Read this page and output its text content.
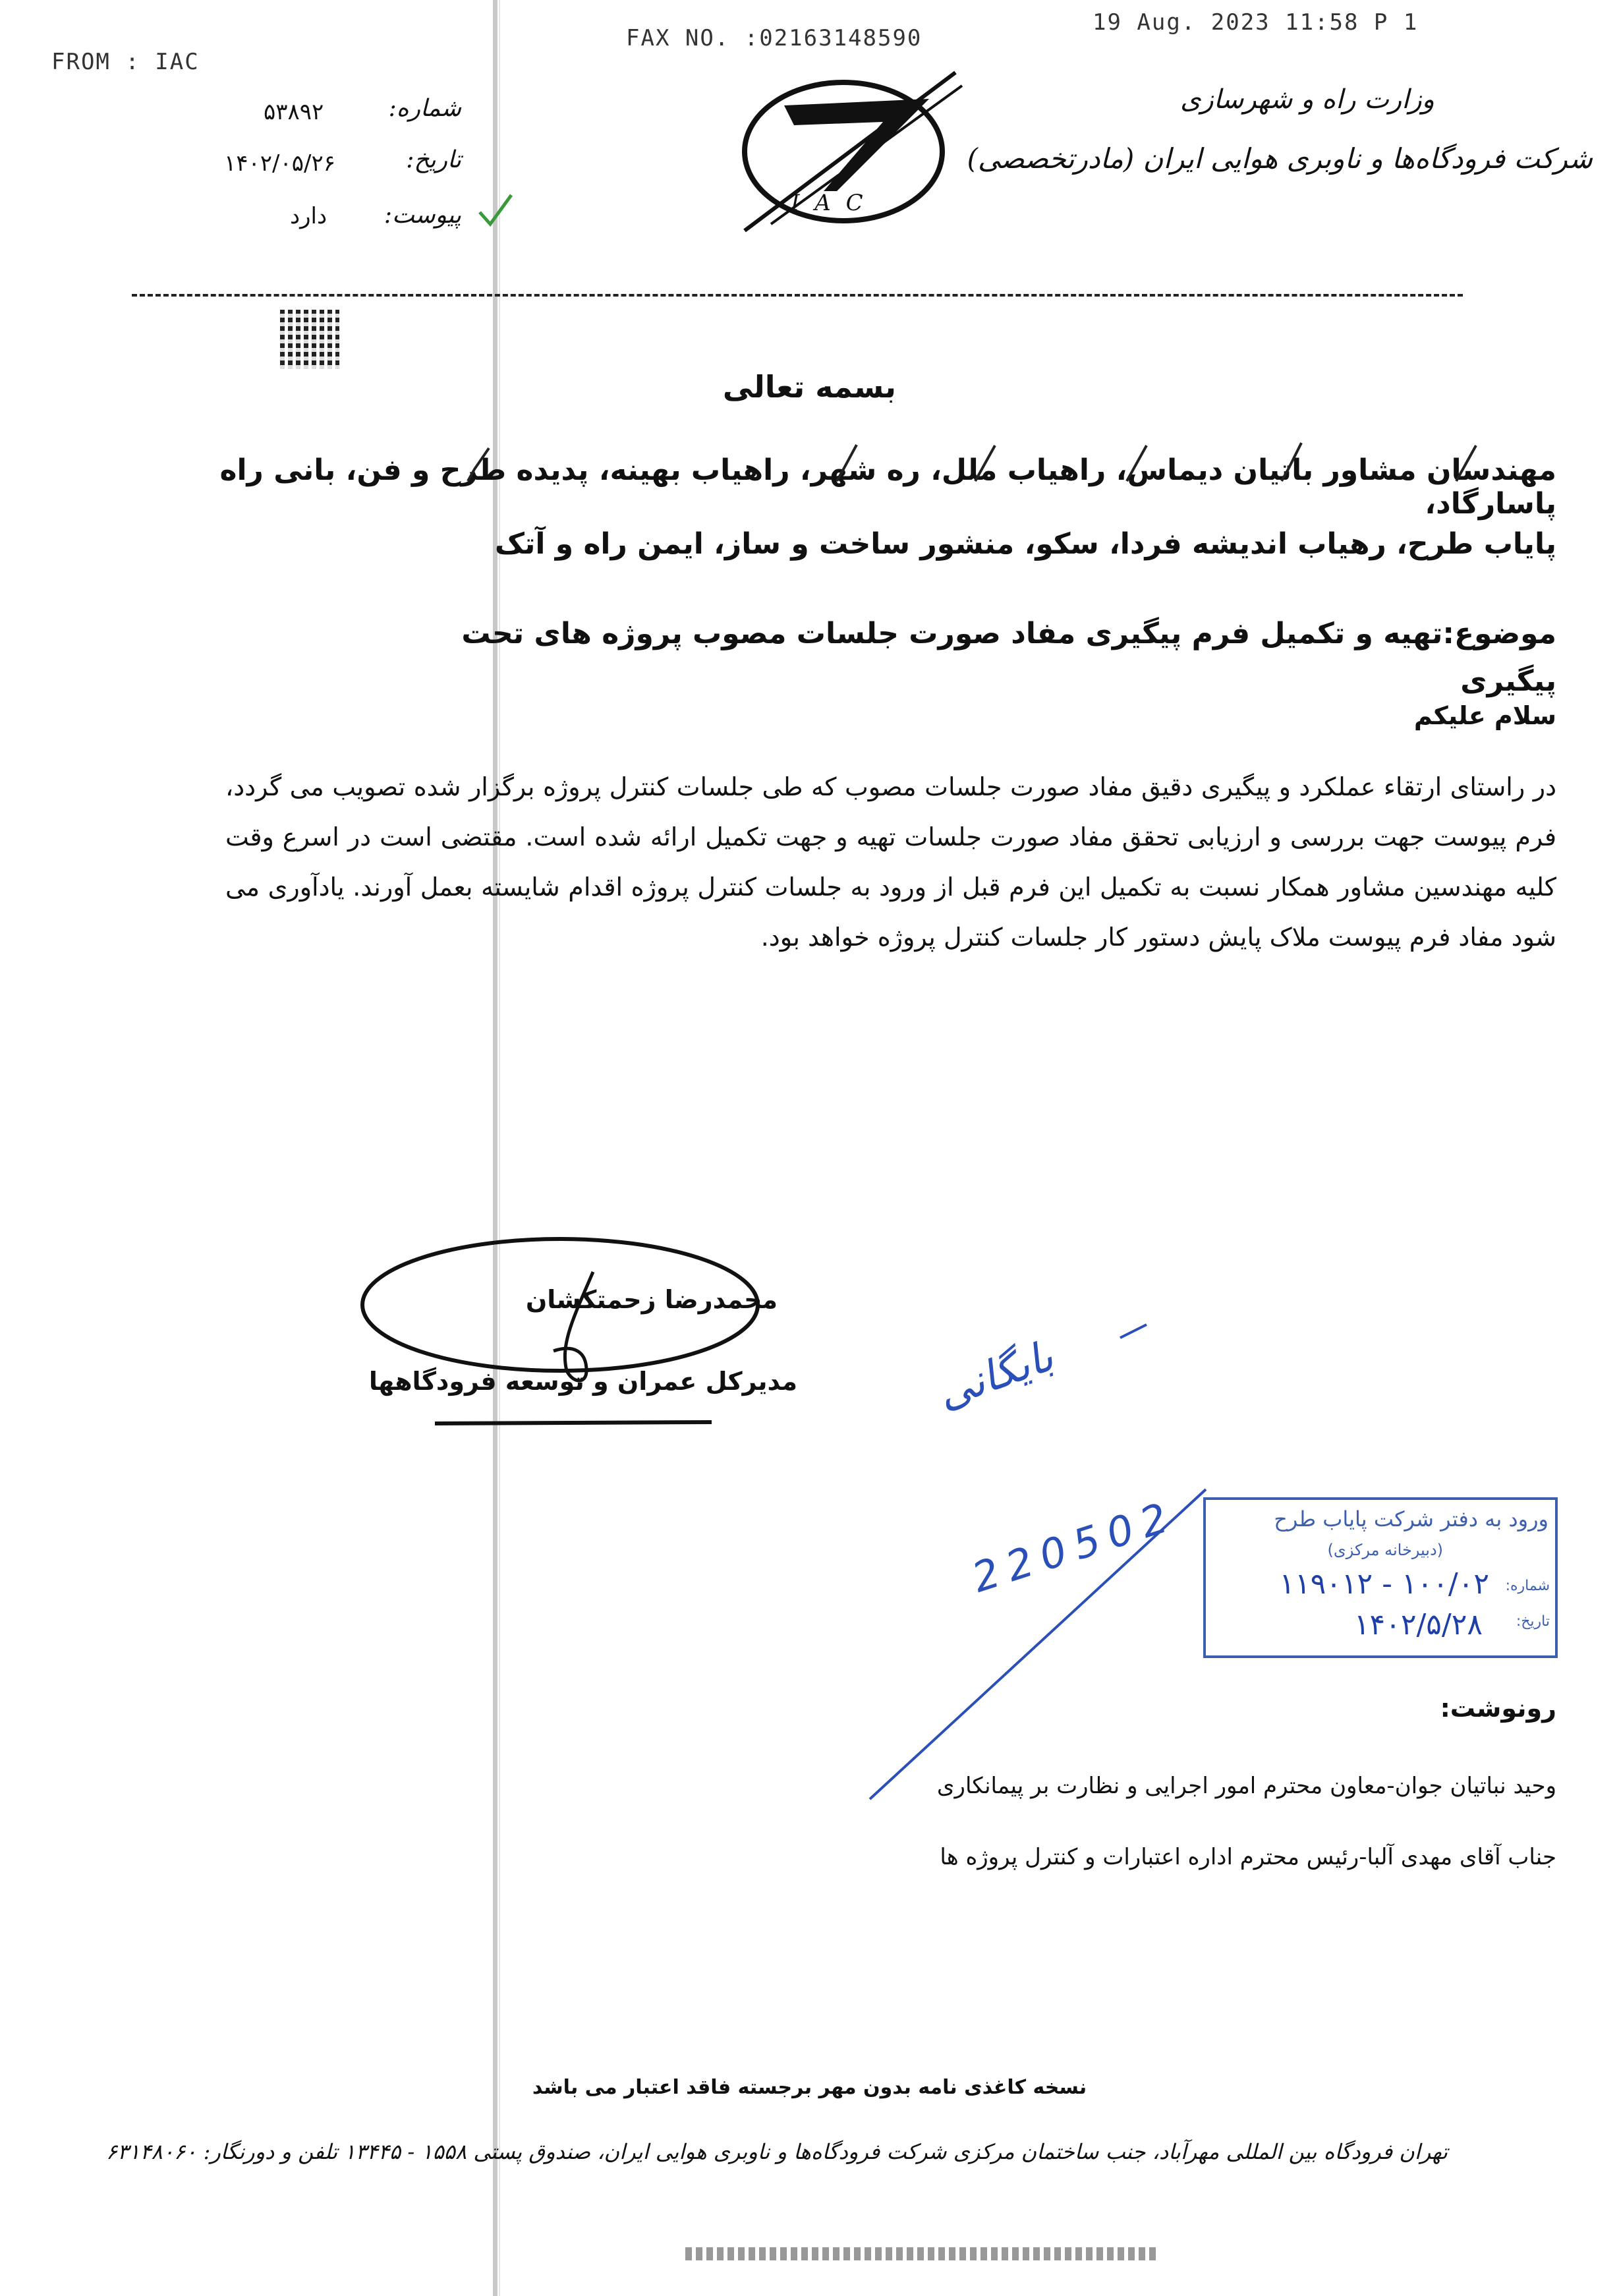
FROM : IAC
FAX NO. :02163148590
19 Aug. 2023 11:58 P 1
۵۳۸۹۲	شماره:
۱۴۰۲/۰۵/۲۶	تاریخ:
دارد پیوست:	I A C
وزارت راه و شهرسازی
شرکت فرودگاه‌ها و ناوبری هوایی ایران (مادرتخصصی)
بسمه تعالی
مهندسان مشاور باتیان دیماس، راهیاب ملل، ره شهر، راهیاب بهینه، پدیده طرح و فن، بانی راه پاسارگاد،
پایاب طرح، رهیاب اندیشه فردا، سکو، منشور ساخت و ساز، ایمن راه و آتک
موضوع:تهیه و تکمیل فرم پیگیری مفاد صورت جلسات مصوب پروژه های تحت پیگیری
سلام علیکم
در راستای ارتقاء عملکرد و پیگیری دقیق مفاد صورت جلسات مصوب که طی جلسات کنترل پروژه برگزار شده تصویب می گردد، فرم پیوست جهت بررسی و ارزیابی تحقق مفاد صورت جلسات تهیه و جهت تکمیل ارائه شده است. مقتضی است در اسرع وقت کلیه مهندسین مشاور همکار نسبت به تکمیل این فرم قبل از ورود به جلسات کنترل پروژه اقدام شایسته بعمل آورند. یادآوری می شود مفاد فرم پیوست ملاک پایش دستور کار جلسات کنترل پروژه خواهد بود.
محمدرضا زحمتکشان
مدیرکل عمران و توسعه فرودگاهها	بایگانی
220502	ورود به دفتر شرکت پایاب طرح
(دبیرخانه مرکزی)
شماره:
۱۰۰/۰۲ - ۱۱۹۰۱۲
تاریخ:
۱۴۰۲/۵/۲۸
رونوشت:
وحید نباتیان جوان-معاون محترم امور اجرایی و نظارت بر پیمانکاری
جناب آقای مهدی آلبا-رئیس محترم اداره اعتبارات و کنترل پروژه ها
نسخه کاغذی نامه بدون مهر برجسته فاقد اعتبار می باشد
تهران فرودگاه بین المللی مهرآباد، جنب ساختمان مرکزی شرکت فرودگاه‌ها و ناوبری هوایی ایران، صندوق پستی ۱۵۵۸ - ۱۳۴۴۵ تلفن و دورنگار: ۶۳۱۴۸۰۶۰
